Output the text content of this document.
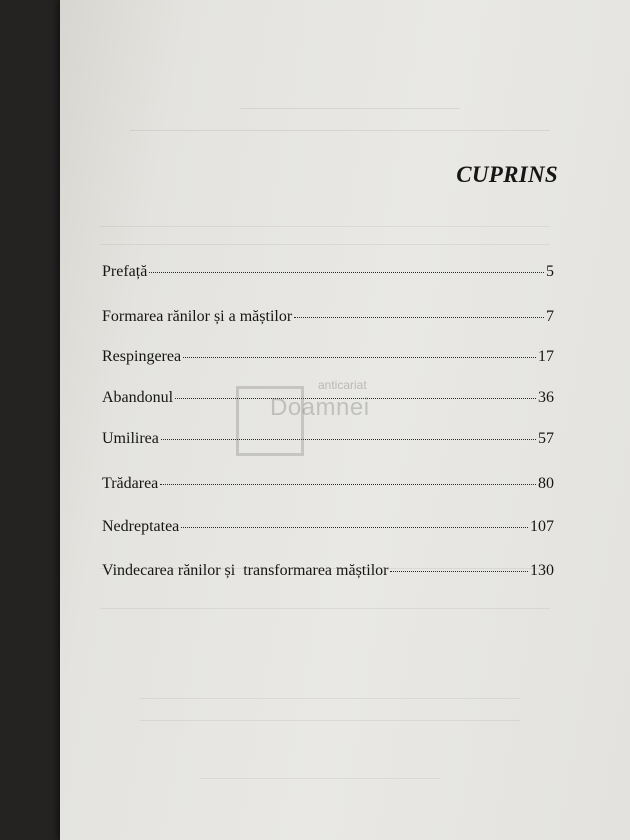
CUPRINS
Prefață	5
Formarea rănilor și a măștilor	7
Respingerea	17
Abandonul	36
Umilirea	57
Trădarea	80
Nedreptatea	107
Vindecarea rănilor și  transformarea măștilor	130
anticariat
Doamnei
